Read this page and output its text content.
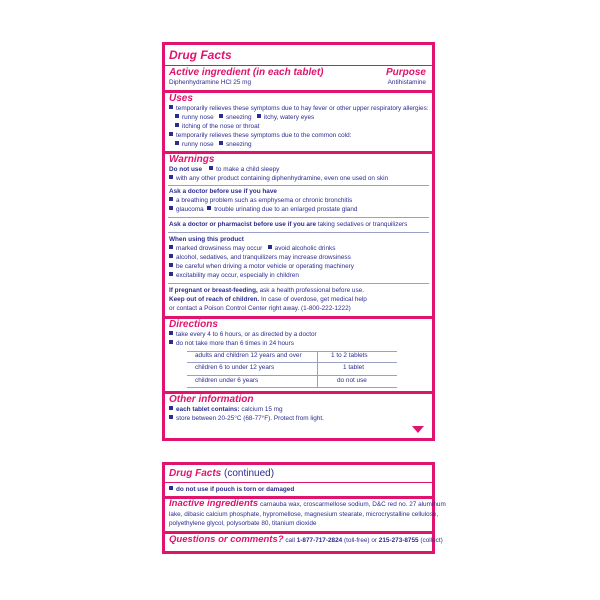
Drug Facts
Active ingredient (in each tablet)	Purpose
Diphenhydramine HCl 25 mg	Antihistamine
Uses
temporarily relieves these symptoms due to hay fever or other upper respiratory allergies:
runny nose sneezing itchy, watery eyes
itching of the nose or throat
temporarily relieves these symptoms due to the common cold:
runny nose sneezing
Warnings
Do not use to make a child sleepy
with any other product containing diphenhydramine, even one used on skin
Ask a doctor before use if you have
a breathing problem such as emphysema or chronic bronchitis
glaucoma trouble urinating due to an enlarged prostate gland
Ask a doctor or pharmacist before use if you are taking sedatives or tranquilizers
When using this product
marked drowsiness may occur avoid alcoholic drinks
alcohol, sedatives, and tranquilizers may increase drowsiness
be careful when driving a motor vehicle or operating machinery
excitability may occur, especially in children
If pregnant or breast-feeding, ask a health professional before use.
Keep out of reach of children. In case of overdose, get medical help
or contact a Poison Control Center right away. (1-800-222-1222)
Directions
take every 4 to 6 hours, or as directed by a doctor
do not take more than 6 times in 24 hours
adults and children 12 years and over	1 to 2 tablets
children 6 to under 12 years	1 tablet
children under 6 years	do not use
Other information
each tablet contains: calcium 15 mg
store between 20-25°C (68-77°F). Protect from light.
Drug Facts (continued)
do not use if pouch is torn or damaged
Inactive ingredients carnauba wax, croscarmellose sodium, D&C red no. 27 aluminum
lake, dibasic calcium phosphate, hypromellose, magnesium stearate, microcrystalline cellulose,
polyethylene glycol, polysorbate 80, titanium dioxide
Questions or comments? call 1-877-717-2824 (toll-free) or 215-273-8755 (collect)
